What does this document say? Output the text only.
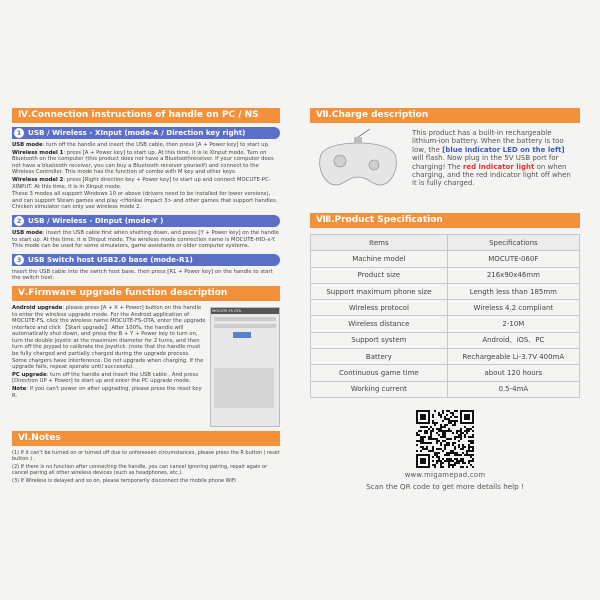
Ⅳ.Connection instructions of handle on PC / NS
1 USB / Wireless - XInput (mode-A / Direction key right)

USB mode: turn off the handle and insert the USB cable, then press [A + Power key] to start up.

Wireless model 1: press [A + Power key] to start up. At this time, it is le XInput mode. Turn on Bluetooth on the computer (this product does not have a Bluetoothreceiver. If your computer does not have a bluetooth receiver, you can buy a Bluetooth receiver yourself) and connect to the Wireless Controller. This mode has the function of combo with M key and other keys.

Wireless model 2: press [Right direction key + Power key] to start up and connect MOCUTE-PC-XINPUT. At this time, it is in XInput mode.

These 3 modes all support Windows 10 or above (drivers need to be installed for lower versions), and can support Steam games and play <Honkai Impact 3> and other games that support handles. Chicken simulator can only use wireless mode 2.

2 USB / Wireless - DInput (mode-Y )

USB mode: insert the USB cable first when shutting down, and press [Y + Power key] on the handle to start up. At this time, it is DInput mode. The wireless mode connection name is MOCUTE-HID-x-Y. This mode can be used for some simulators, game assistants or older computer systems.

3 USB Switch host USB2.0 base (mode-R1)

Insert the USB cable into the switch host base, then press [R1 + Power key] on the handle to start the switch host.

Ⅴ.Firmware upgrade function description

Android upgrade: please press [A + X + Power] button on the handle to enter the wireless upgrade mode. For the Android application of MOCUTE-FS, click the wireless name MOCUTE-FS-OTA, enter the upgrade interface and click 【Start upgrade】 After 100%, the handle will automatically shut down, and press the B + Y + Power key to turn on, turn the double joystic at the maximum diameter for 2 turns, and then turn off the joypad to calibrate the joystick. (note that the handle must be fully charged and partially charged during the upgrade process. Some chargers have interference. Do not upgrade when charging. If the upgrade fails, repeat operate until successful.

PC upgrade: turn off the handle and insert the USB cable , And press [Direction UP + Power] to start up and enter the PC upgrade mode.

Note: If you can't power on after upgrading, please press the reset key R.

MOCUTE-FS OTA
Ⅵ.Notes

(1) If it can't be turned on or turned off due to unforeseen circumstances, please press the R button ( reset button ) .

(2) If there is no function after connecting the handle, you can cancel ignoring pairing, repair again or cancel pairing all other wireless devices (such as headphones, etc.).

(3) If Wireless is delayed and so on, please temporarily disconnect the mobile phone WiFi

Ⅶ.Charge description

This product has a built-in rechargeable lithium-ion battery. When the battery is too low, the [blue indicator LED on the left] will flash. Now plug in the 5V USB port for charging! The red indicator light on when charging, and the red indicator light off when it is fully charged.

Ⅷ.Product Specification
Items	Specifications
Machine model	MOCUTE-060F
Product size	216x90x46mm
Support maximum phone size	Length less than 185mm
Wireless protocol	Wireless 4.2 compliant
Wireless distance	2-10M
Support system	Android、iOS、PC
Battery	Rechargeable Li-3.7V 400mA
Continuous game time	about 120 hours
Working current	0.5-4mA
www.migamepad.com
Scan the QR code to get more details help !
